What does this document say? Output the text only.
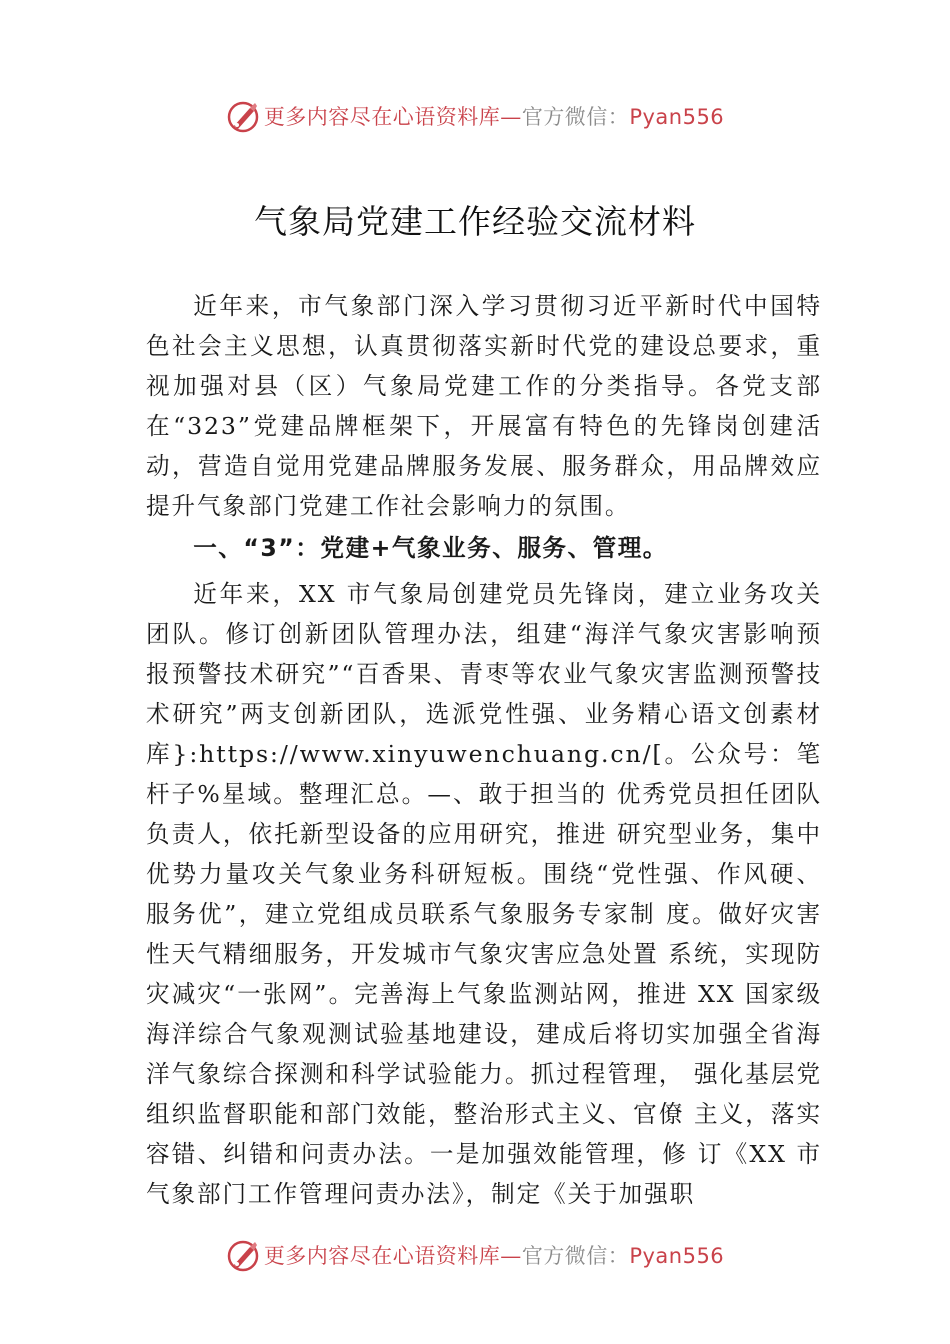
更多内容尽在心语资料库—官方微信：Pyan556
气象局党建工作经验交流材料

近年来，市气象部门深入学习贯彻习近平新时代中国特色社会主义思想，认真贯彻落实新时代党的建设总要求，重视加强对县（区）气象局党建工作的分类指导。各党支部在“323”党建品牌框架下，开展富有特色的先锋岗创建活动，营造自觉用党建品牌服务发展、服务群众，用品牌效应提升气象部门党建工作社会影响力的氛围。

一、“3”：党建+气象业务、服务、管理。

近年来，XX 市气象局创建党员先锋岗，建立业务攻关团队。修订创新团队管理办法，组建“海洋气象灾害影响预报预警技术研究”“百香果、青枣等农业气象灾害监测预警技 术研究”两支创新团队，选派党性强、业务精心语文创素材库}:https://www.xinyuwenchuang.cn/[。公众号：笔杆子%星域。整理汇总。—、敢于担当的 优秀党员担任团队负责人，依托新型设备的应用研究，推进 研究型业务，集中优势力量攻关气象业务科研短板。围绕“党性强、作风硬、服务优”，建立党组成员联系气象服务专家制 度。做好灾害性天气精细服务，开发城市气象灾害应急处置 系统，实现防灾减灾“一张网”。完善海上气象监测站网，推进 XX 国家级海洋综合气象观测试验基地建设，建成后将切实加强全省海洋气象综合探测和科学试验能力。抓过程管理， 强化基层党组织监督职能和部门效能，整治形式主义、官僚 主义，落实容错、纠错和问责办法。一是加强效能管理，修 订《XX 市气象部门工作管理问责办法》，制定《关于加强职

更多内容尽在心语资料库—官方微信：Pyan556
